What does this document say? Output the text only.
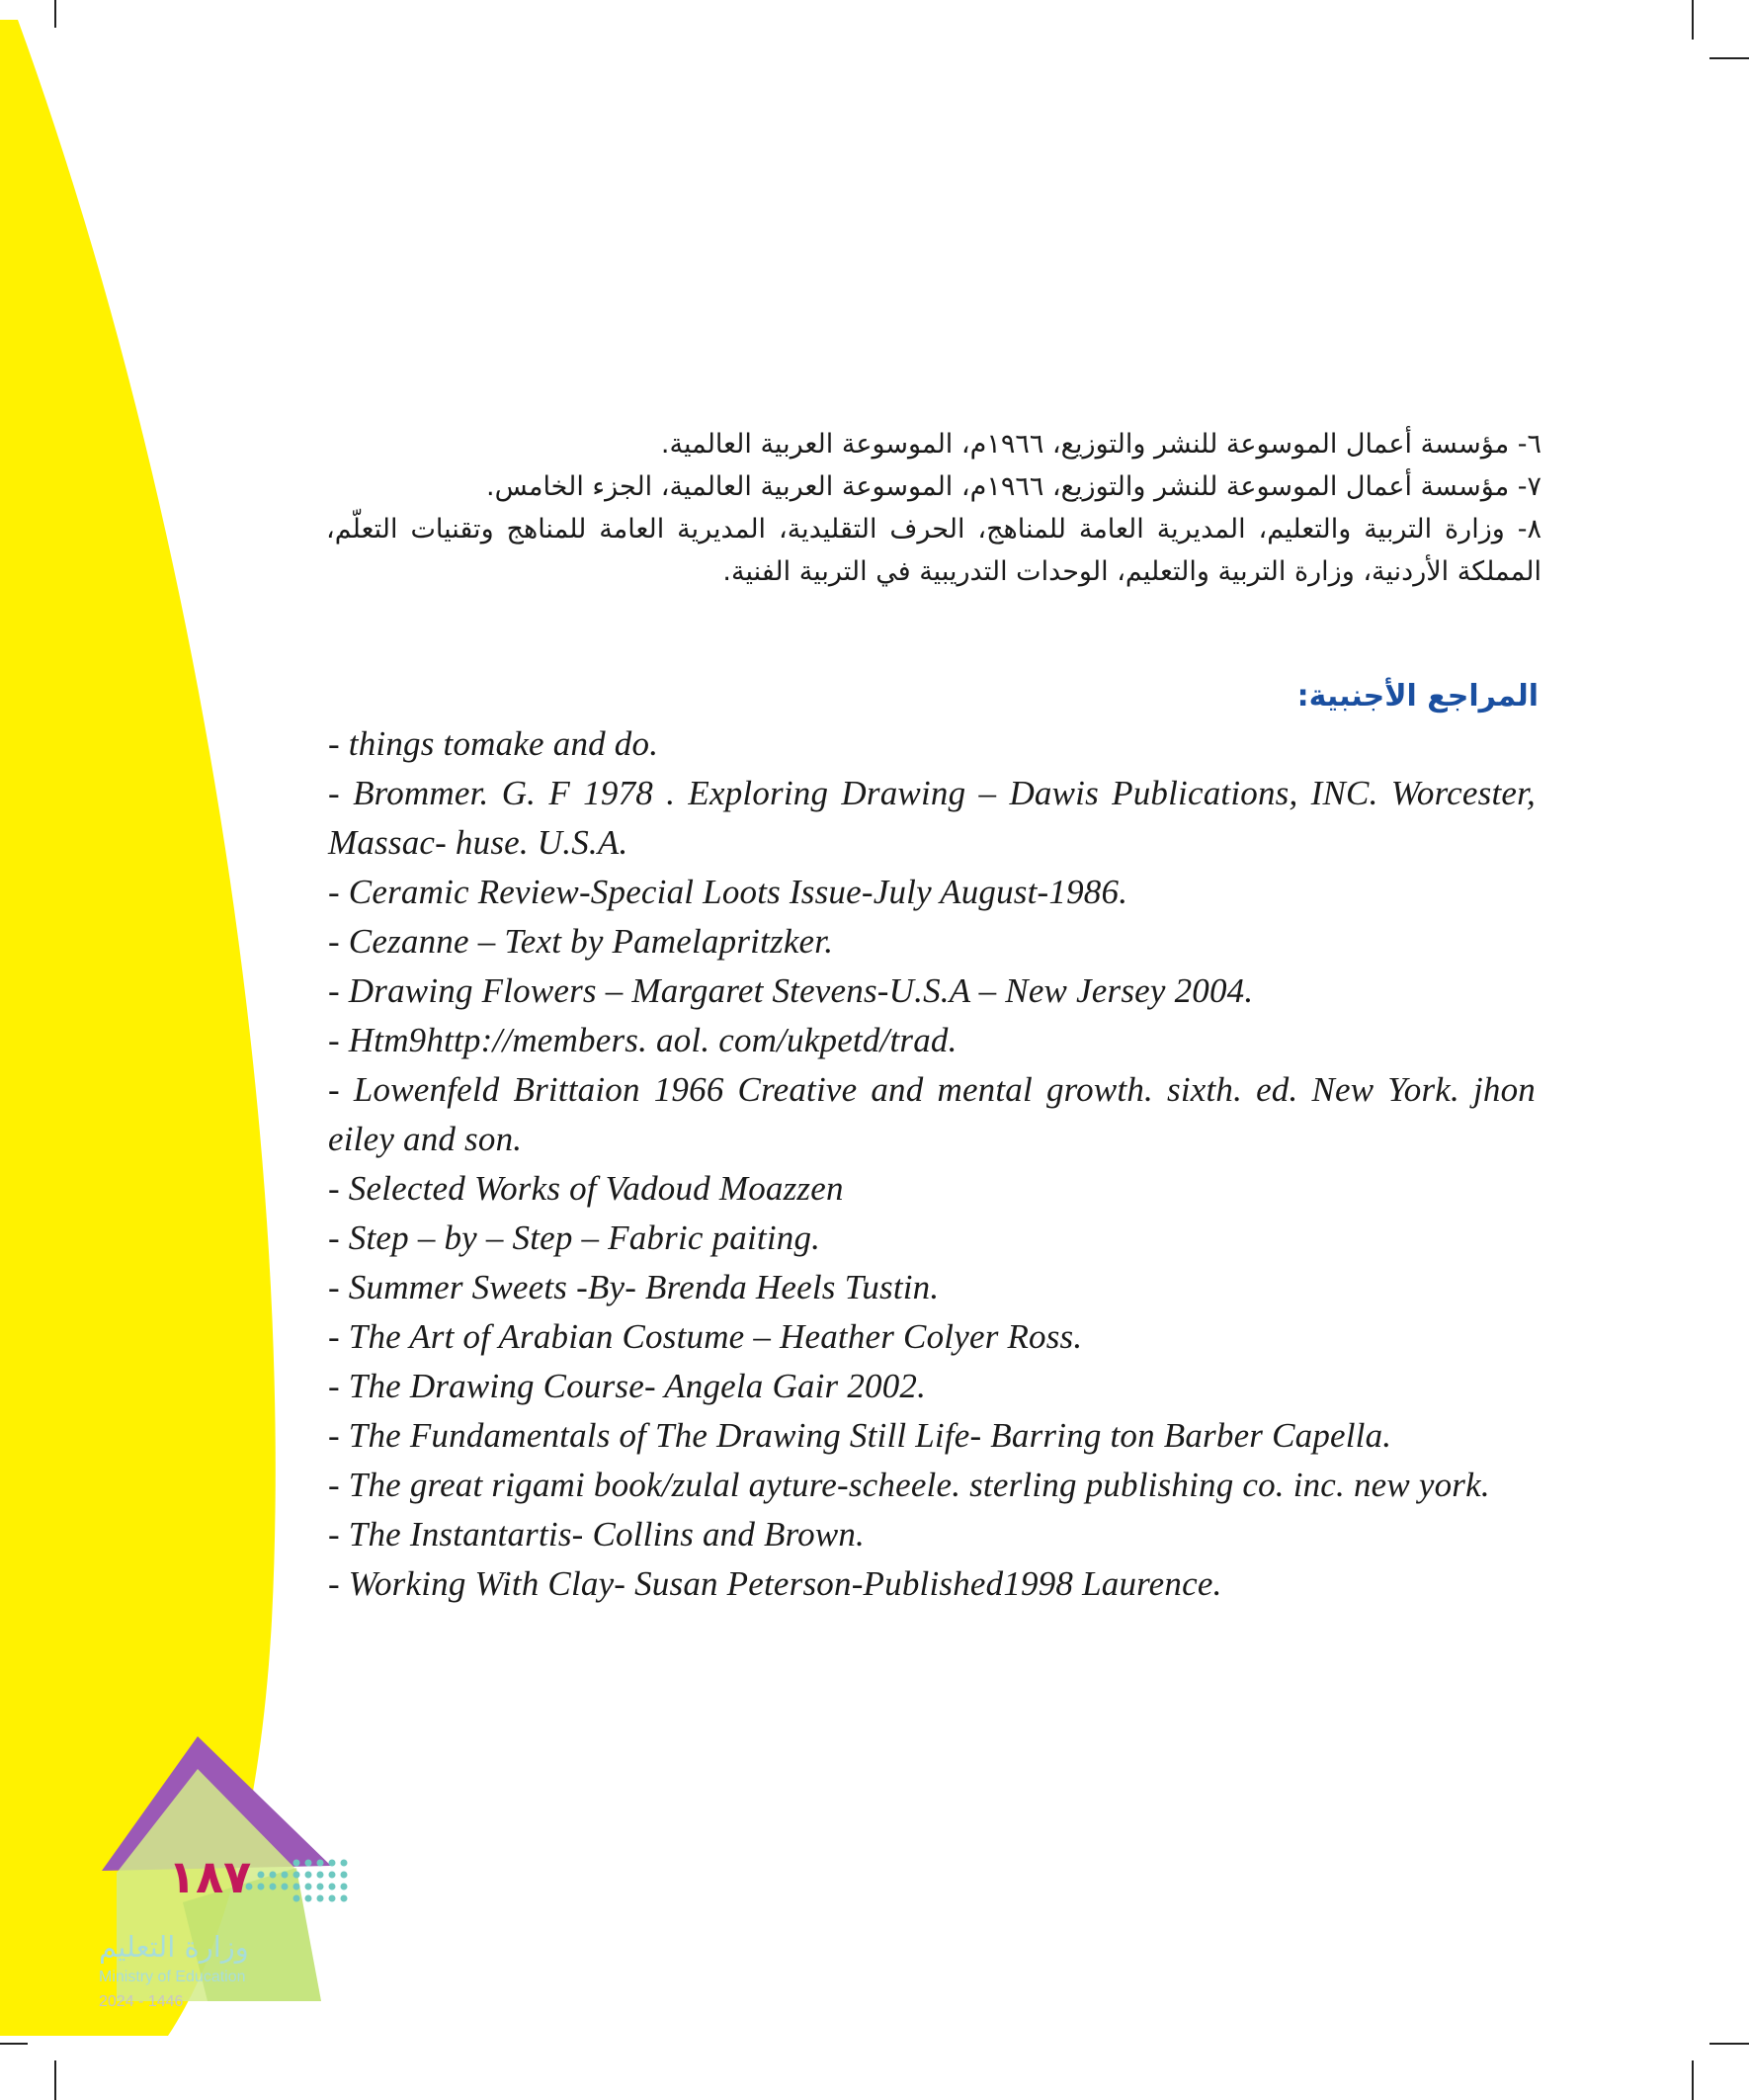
٦- مؤسسة أعمال الموسوعة للنشر والتوزيع، ١٩٦٦م، الموسوعة العربية العالمية.

٧- مؤسسة أعمال الموسوعة للنشر والتوزيع، ١٩٦٦م، الموسوعة العربية العالمية، الجزء الخامس.

٨- وزارة التربية والتعليم، المديرية العامة للمناهج، الحرف التقليدية، المديرية العامة للمناهج وتقنيات التعلّم، المملكة الأردنية، وزارة التربية والتعليم، الوحدات التدريبية في التربية الفنية.

المراجع الأجنبية:

- things tomake and do.

- Brommer. G. F 1978 . Exploring Drawing – Dawis Publications, INC. Worcester, Massac- huse. U.S.A.

- Ceramic Review-Special Loots Issue-July August-1986.

- Cezanne – Text by Pamelapritzker.

- Drawing Flowers – Margaret Stevens-U.S.A – New Jersey 2004.

- Htm9http://members. aol. com/ukpetd/trad.

- Lowenfeld Brittaion 1966 Creative and mental growth. sixth. ed. New York. jhon eiley and son.

- Selected Works of Vadoud Moazzen

- Step – by – Step – Fabric paiting.

- Summer Sweets -By- Brenda Heels Tustin.

- The Art of Arabian Costume – Heather Colyer Ross.

- The Drawing Course- Angela Gair 2002.

- The Fundamentals of The Drawing Still Life- Barring ton Barber Capella.

- The great rigami book/zulal ayture-scheele. sterling publishing co. inc. new york.

- The Instantartis- Collins and Brown.

- Working With Clay- Susan Peterson-Published1998 Laurence.

١٨٧
وزارة التعليم
Ministry of Education
2024 - 1446
